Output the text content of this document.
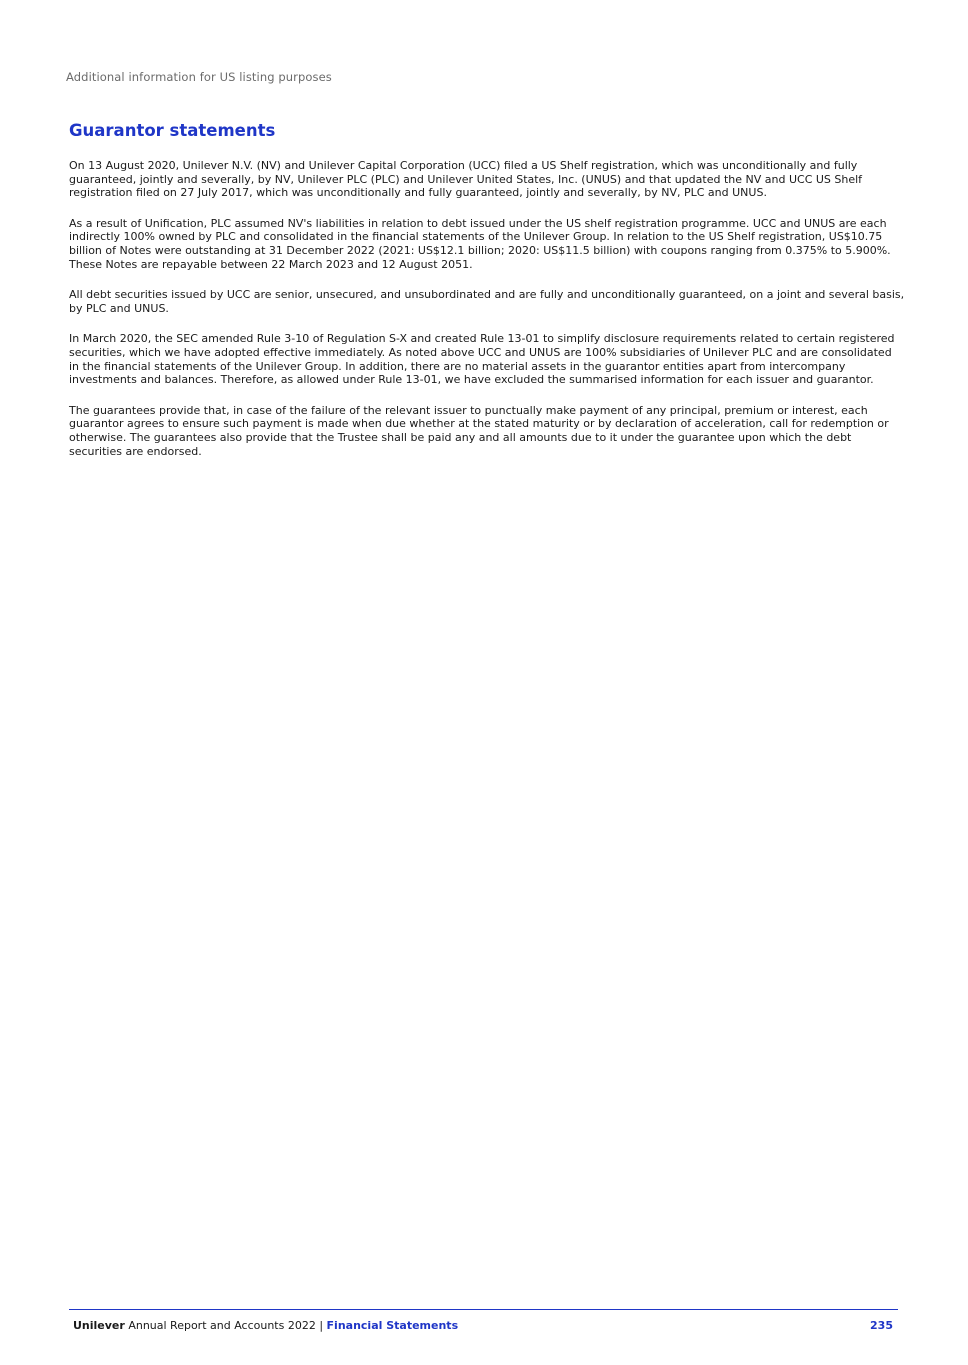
Additional information for US listing purposes
Guarantor statements

On 13 August 2020, Unilever N.V. (NV) and Unilever Capital Corporation (UCC) filed a US Shelf registration, which was unconditionally and fully guaranteed, jointly and severally, by NV, Unilever PLC (PLC) and Unilever United States, Inc. (UNUS) and that updated the NV and UCC US Shelf registration filed on 27 July 2017, which was unconditionally and fully guaranteed, jointly and severally, by NV, PLC and UNUS.

As a result of Unification, PLC assumed NV's liabilities in relation to debt issued under the US shelf registration programme. UCC and UNUS are each indirectly 100% owned by PLC and consolidated in the financial statements of the Unilever Group. In relation to the US Shelf registration, US$10.75 billion of Notes were outstanding at 31 December 2022 (2021: US$12.1 billion; 2020: US$11.5 billion) with coupons ranging from 0.375% to 5.900%. These Notes are repayable between 22 March 2023 and 12 August 2051.

All debt securities issued by UCC are senior, unsecured, and unsubordinated and are fully and unconditionally guaranteed, on a joint and several basis, by PLC and UNUS.

In March 2020, the SEC amended Rule 3-10 of Regulation S-X and created Rule 13-01 to simplify disclosure requirements related to certain registered securities, which we have adopted effective immediately. As noted above UCC and UNUS are 100% subsidiaries of Unilever PLC and are consolidated in the financial statements of the Unilever Group. In addition, there are no material assets in the guarantor entities apart from intercompany investments and balances. Therefore, as allowed under Rule 13-01, we have excluded the summarised information for each issuer and guarantor.

The guarantees provide that, in case of the failure of the relevant issuer to punctually make payment of any principal, premium or interest, each guarantor agrees to ensure such payment is made when due whether at the stated maturity or by declaration of acceleration, call for redemption or otherwise. The guarantees also provide that the Trustee shall be paid any and all amounts due to it under the guarantee upon which the debt securities are endorsed.

Unilever Annual Report and Accounts 2022 | Financial Statements	235
